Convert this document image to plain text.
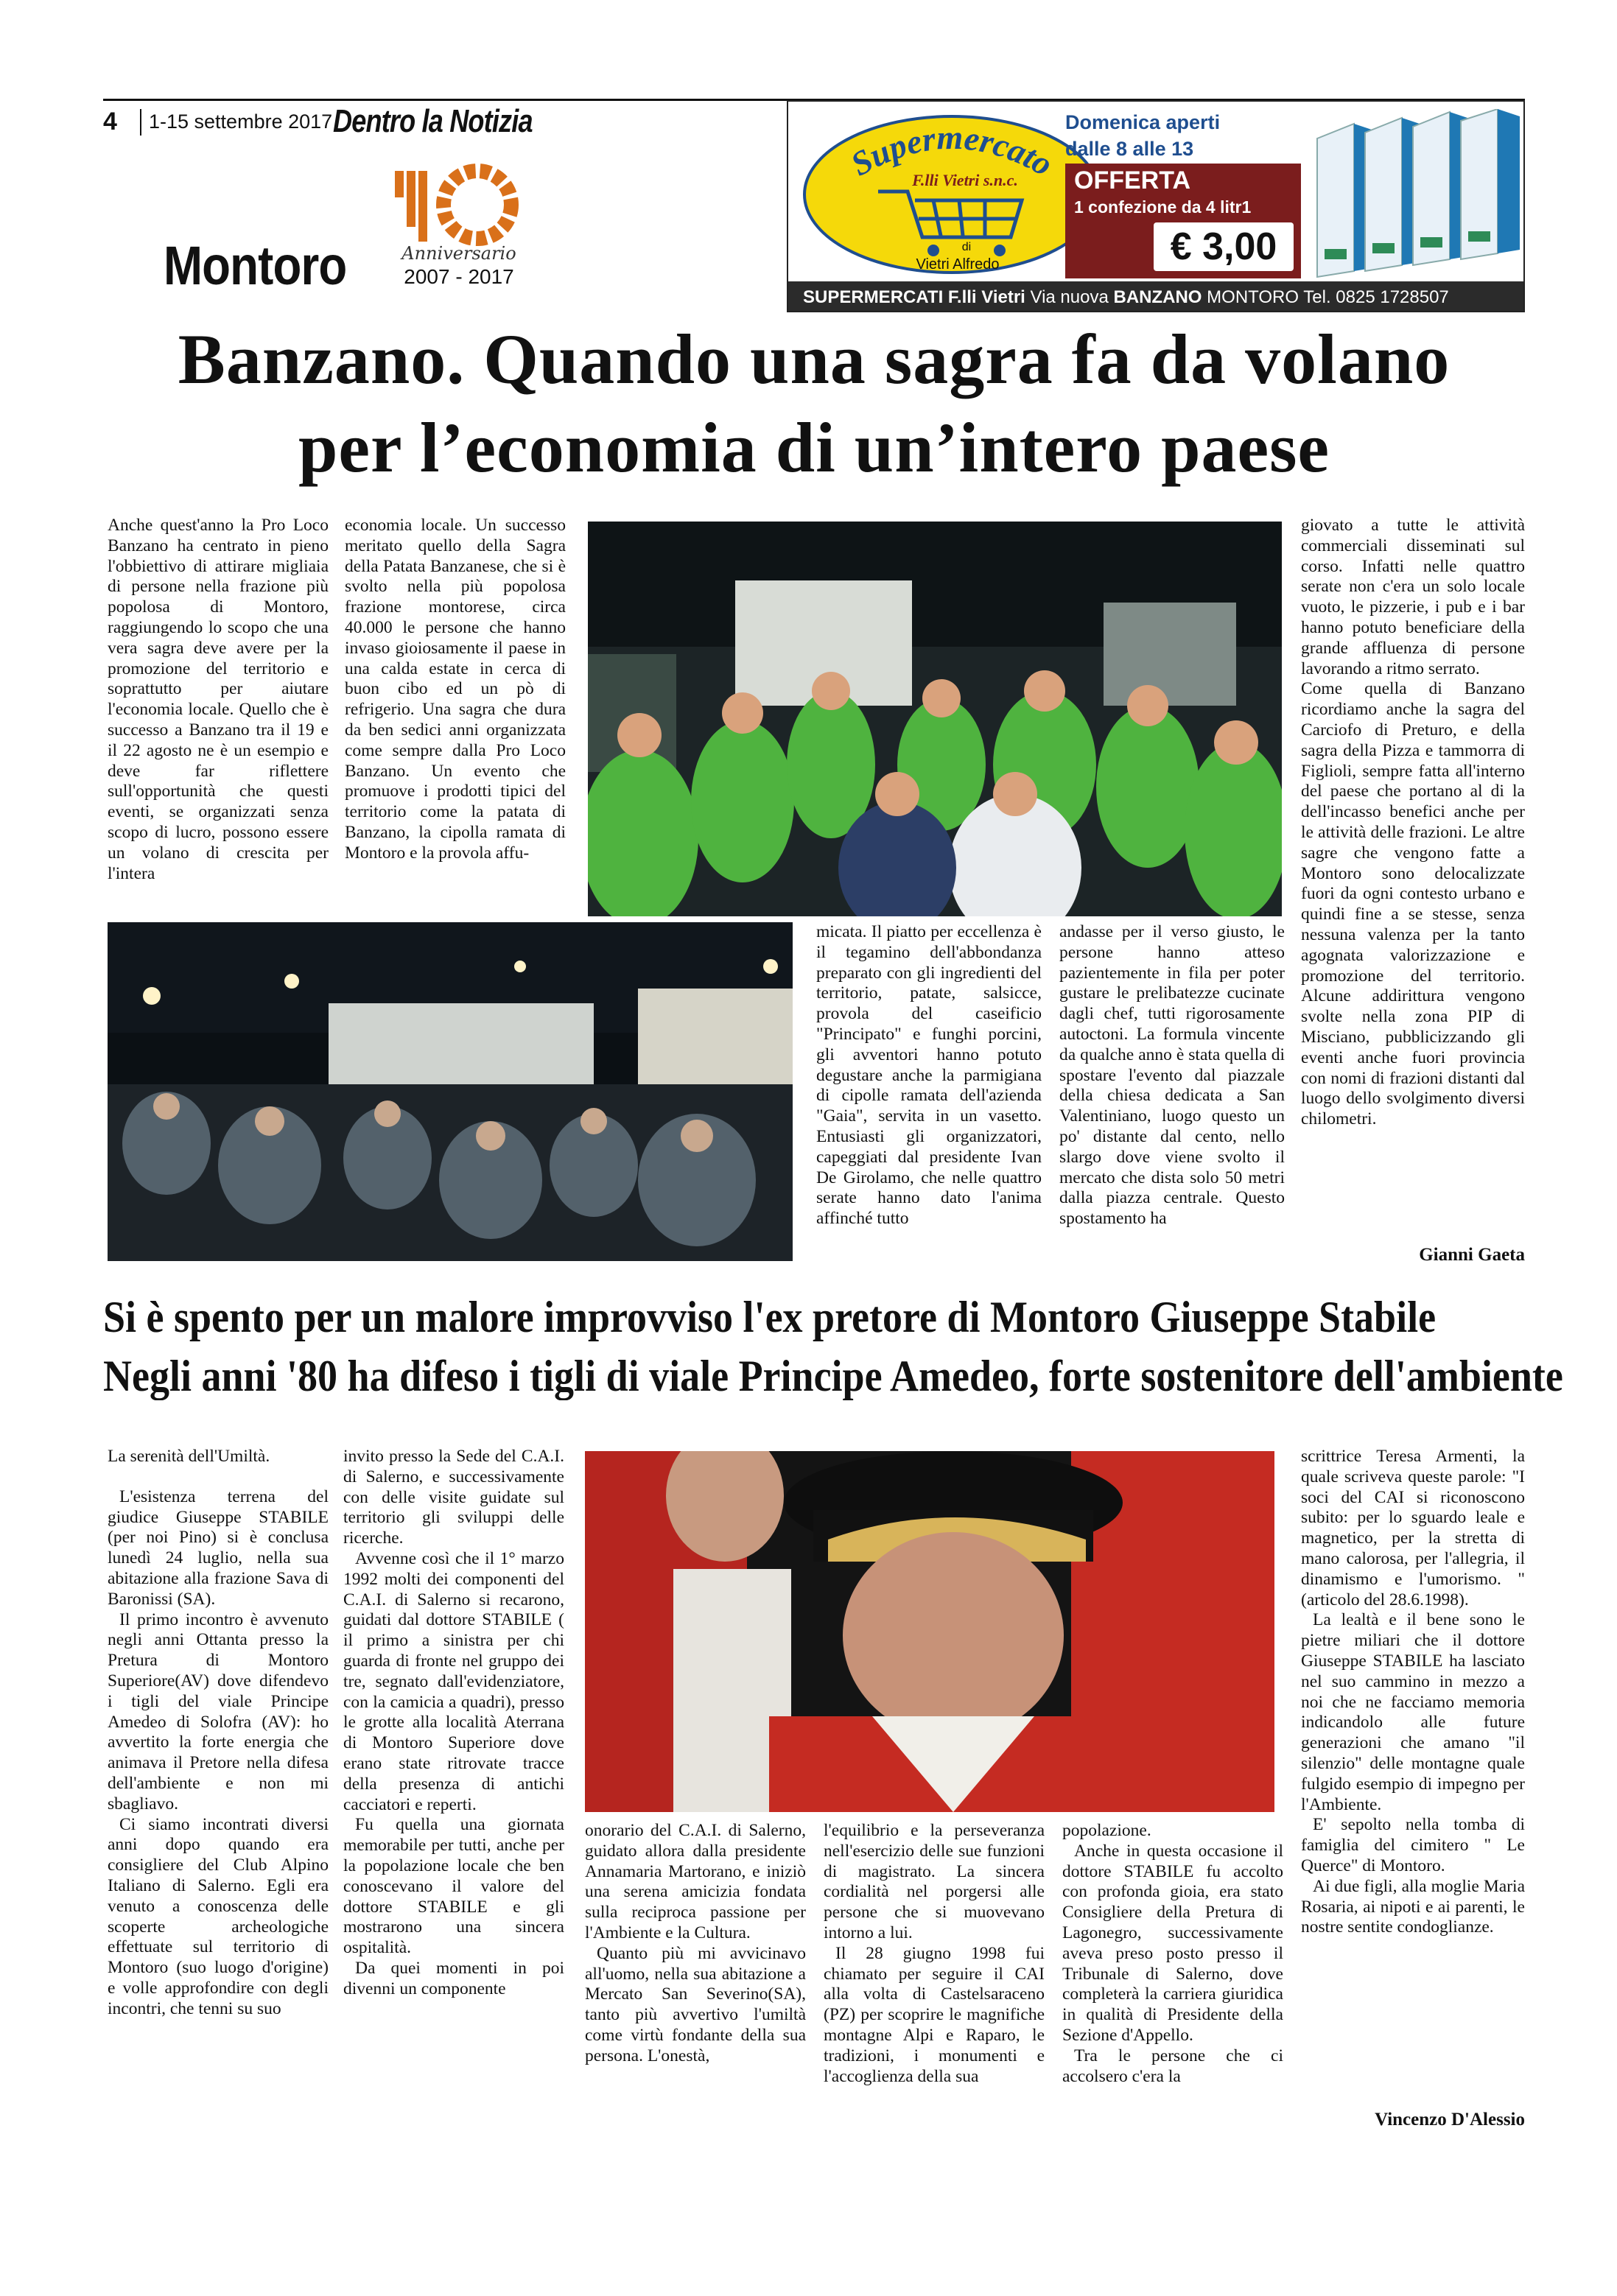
4 1-15 settembre 2017 Dentro la Notizia
Montoro	Anniversario
2007 - 2017
Supermercato
F.lli Vietri s.n.c.
di
Vietri Alfredo
Domenica aperti
dalle 8 alle 13
OFFERTA
1 confezione da 4 litr1
€ 3,00
SUPERMERCATI F.lli Vietri Via nuova BANZANO MONTORO Tel. 0825 1728507
Banzano. Quando una sagra fa da volano
per l’economia di un’intero paese

Anche quest'anno la Pro Loco Banzano ha centrato in pieno l'obbiettivo di attirare migliaia di persone nella frazione più popolosa di Montoro, raggiungendo lo scopo che una vera sagra deve avere per la promozione del territorio e soprattutto per aiutare l'economia locale. Quello che è successo a Banzano tra il 19 e il 22 agosto ne è un esempio e deve far riflettere sull'opportunità che questi eventi, se organizzati senza scopo di lucro, possono essere un volano di crescita per l'intera

economia locale. Un successo meritato quello della Sagra della Patata Banzanese, che si è svolto nella più popolosa frazione montorese, circa 40.000 le persone che hanno invaso gioiosamente il paese in una calda estate in cerca di buon cibo ed un pò di refrigerio. Una sagra che dura da ben sedici anni organizzata come sempre dalla Pro Loco Banzano. Un evento che promuove i prodotti tipici del territorio come la patata di Banzano, la cipolla ramata di Montoro e la provola affu-

giovato a tutte le attività commerciali disseminati sul corso. Infatti nelle quattro serate non c'era un solo locale vuoto, le pizzerie, i pub e i bar hanno potuto beneficiare della grande affluenza di persone lavorando a ritmo serrato.

Come quella di Banzano ricordiamo anche la sagra del Carciofo di Preturo, e della sagra della Pizza e tammorra di Figlioli, sempre fatta all'interno del paese che portano al di la dell'incasso benefici anche per le attività delle frazioni. Le altre sagre che vengono fatte a Montoro sono delocalizzate fuori da ogni contesto urbano e quindi fine a se stesse, senza nessuna valenza per la tanto agognata valorizzazione e promozione del territorio. Alcune addirittura vengono svolte nella zona PIP di Misciano, pubblicizzando gli eventi anche fuori provincia con nomi di frazioni distanti dal luogo dello svolgimento diversi chilometri.

micata. Il piatto per eccellenza è il tegamino dell'abbondanza preparato con gli ingredienti del territorio, patate, salsicce, provola del caseificio "Principato" e funghi porcini, gli avventori hanno potuto degustare anche la parmigiana di cipolle ramata dell'azienda "Gaia", servita in un vasetto. Entusiasti gli organizzatori, capeggiati dal presidente Ivan De Girolamo, che nelle quattro serate hanno dato l'anima affinché tutto

andasse per il verso giusto, le persone hanno atteso pazientemente in fila per poter gustare le prelibatezze cucinate dagli chef, tutti rigorosamente autoctoni. La formula vincente da qualche anno è stata quella di spostare l'evento dal piazzale della chiesa dedicata a San Valentiniano, luogo questo un po' distante dal cento, nello slargo dove viene svolto il mercato che dista solo 50 metri dalla piazza centrale. Questo spostamento ha

Gianni Gaeta
Si è spento per un malore improvviso l'ex pretore di Montoro Giuseppe Stabile
Negli anni '80 ha difeso i tigli di viale Principe Amedeo, forte sostenitore dell'ambiente

La serenità dell'Umiltà.

L'esistenza terrena del giudice Giuseppe STABILE (per noi Pino) si è conclusa lunedì 24 luglio, nella sua abitazione alla frazione Sava di Baronissi (SA).

Il primo incontro è avvenuto negli anni Ottanta presso la Pretura di Montoro Superiore(AV) dove difendevo i tigli del viale Principe Amedeo di Solofra (AV): ho avvertito la forte energia che animava il Pretore nella difesa dell'ambiente e non mi sbagliavo.

Ci siamo incontrati diversi anni dopo quando era consigliere del Club Alpino Italiano di Salerno. Egli era venuto a conoscenza delle scoperte archeologiche effettuate sul territorio di Montoro (suo luogo d'origine) e volle approfondire con degli incontri, che tenni su suo

invito presso la Sede del C.A.I. di Salerno, e successivamente con delle visite guidate sul territorio gli sviluppi delle ricerche.

Avvenne così che il 1° marzo 1992 molti dei componenti del C.A.I. di Salerno si recarono, guidati dal dottore STABILE ( il primo a sinistra per chi guarda di fronte nel gruppo dei tre, segnato dall'evidenziatore, con la camicia a quadri), presso le grotte alla località Aterrana di Montoro Superiore dove erano state ritrovate tracce della presenza di antichi cacciatori e reperti.

Fu quella una giornata memorabile per tutti, anche per la popolazione locale che ben conoscevano il valore del dottore STABILE e gli mostrarono una sincera ospitalità.

Da quei momenti in poi divenni un componente

l'equilibrio e la perseveranza nell'esercizio delle sue funzioni di magistrato. La sincera cordialità nel porgersi alle persone che si muovevano intorno a lui.

Il 28 giugno 1998 fui chiamato per seguire il CAI alla volta di Castelsaraceno (PZ) per scoprire le magnifiche montagne Alpi e Raparo, le tradizioni, i monumenti e l'accoglienza della sua

onorario del C.A.I. di Salerno, guidato allora dalla presidente Annamaria Martorano, e iniziò una serena amicizia fondata sulla reciproca passione per l'Ambiente e la Cultura.

Quanto più mi avvicinavo all'uomo, nella sua abitazione a Mercato San Severino(SA), tanto più avvertivo l'umiltà come virtù fondante della sua persona. L'onestà,

popolazione.

Anche in questa occasione il dottore STABILE fu accolto con profonda gioia, era stato Consigliere della Pretura di Lagonegro, successivamente aveva preso posto presso il Tribunale di Salerno, dove completerà la carriera giuridica in qualità di Presidente della Sezione d'Appello.

Tra le persone che ci accolsero c'era la

scrittrice Teresa Armenti, la quale scriveva queste parole: "I soci del CAI si riconoscono subito: per lo sguardo leale e magnetico, per la stretta di mano calorosa, per l'allegria, il dinamismo e l'umorismo. " (articolo del 28.6.1998).

La lealtà e il bene sono le pietre miliari che il dottore Giuseppe STABILE ha lasciato nel suo cammino in mezzo a noi che ne facciamo memoria indicandolo alle future generazioni che amano "il silenzio" delle montagne quale fulgido esempio di impegno per l'Ambiente.

E' sepolto nella tomba di famiglia del cimitero " Le Querce" di Montoro.

Ai due figli, alla moglie Maria Rosaria, ai nipoti e ai parenti, le nostre sentite condoglianze.

Vincenzo D'Alessio
